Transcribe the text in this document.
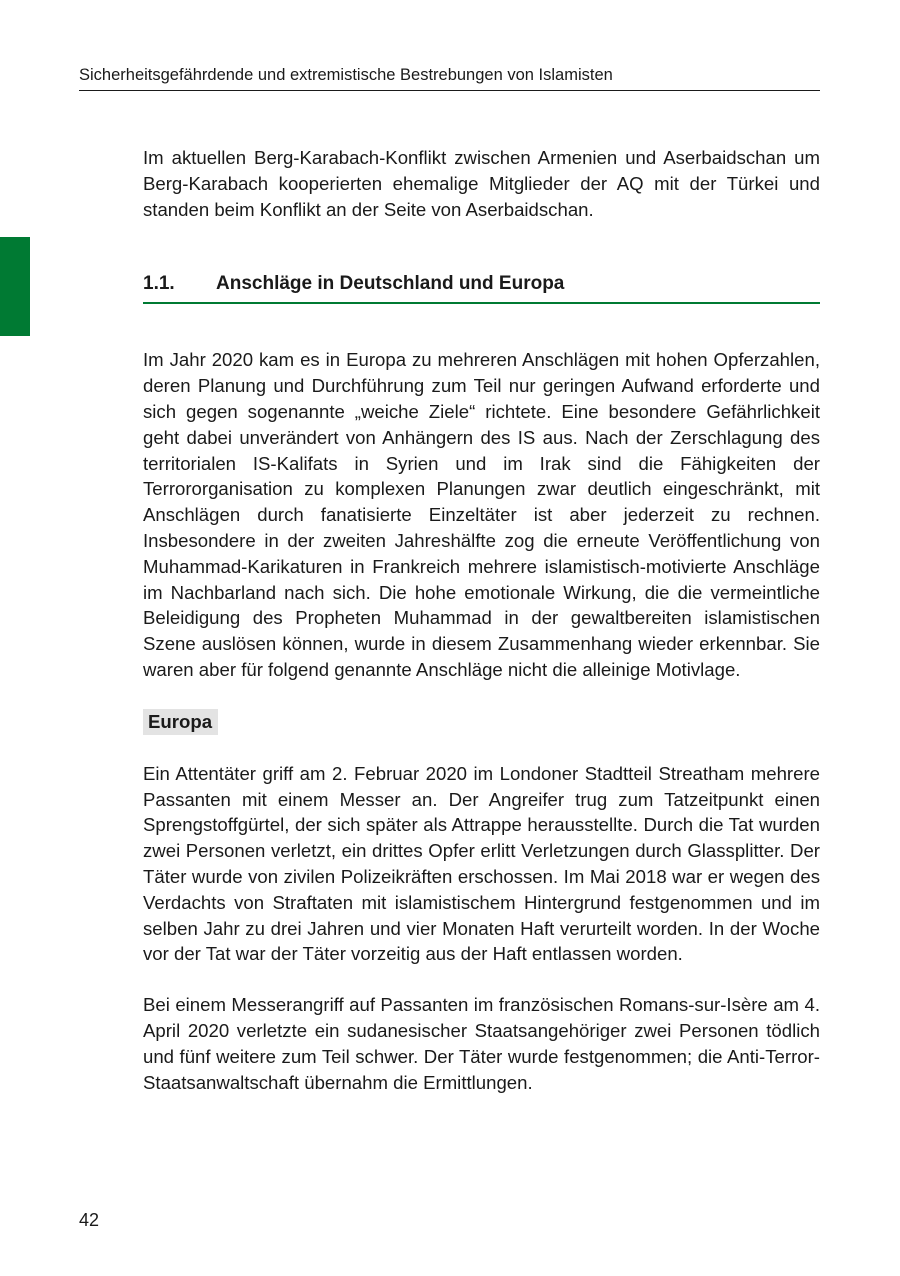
Sicherheitsgefährdende und extremistische Bestrebungen von Islamisten

Im aktuellen Berg-Karabach-Konflikt zwischen Armenien und Aserbaidschan um Berg-Karabach kooperierten ehemalige Mitglieder der AQ mit der Türkei und standen beim Konflikt an der Seite von Aserbaidschan.

1.1.	Anschläge in Deutschland und Europa

Im Jahr 2020 kam es in Europa zu mehreren Anschlägen mit hohen Opferzahlen, deren Planung und Durchführung zum Teil nur geringen Aufwand erforderte und sich gegen sogenannte „weiche Ziele“ richtete. Eine besondere Gefährlichkeit geht dabei unverändert von Anhängern des IS aus. Nach der Zerschlagung des territorialen IS-Kalifats in Syrien und im Irak sind die Fähigkeiten der Terrororganisation zu komplexen Planungen zwar deutlich eingeschränkt, mit Anschlägen durch fanatisierte Einzeltäter ist aber jederzeit zu rechnen. Insbesondere in der zweiten Jahreshälfte zog die erneute Veröffentlichung von Muhammad-Karikaturen in Frankreich mehrere islamistisch-motivierte Anschläge im Nachbarland nach sich. Die hohe emotionale Wirkung, die die vermeintliche Beleidigung des Propheten Muhammad in der gewaltbereiten islamistischen Szene auslösen können, wurde in diesem Zusammenhang wieder erkennbar. Sie waren aber für folgend genannte Anschläge nicht die alleinige Motivlage.

Europa

Ein Attentäter griff am 2. Februar 2020 im Londoner Stadtteil Streatham mehrere Passanten mit einem Messer an. Der Angreifer trug zum Tatzeitpunkt einen Sprengstoffgürtel, der sich später als Attrappe herausstellte. Durch die Tat wurden zwei Personen verletzt, ein drittes Opfer erlitt Verletzungen durch Glassplitter. Der Täter wurde von zivilen Polizeikräften erschossen. Im Mai 2018 war er wegen des Verdachts von Straftaten mit islamistischem Hintergrund festgenommen und im selben Jahr zu drei Jahren und vier Monaten Haft verurteilt worden. In der Woche vor der Tat war der Täter vorzeitig aus der Haft entlassen worden.

Bei einem Messerangriff auf Passanten im französischen Romans-sur-Isère am 4. April 2020 verletzte ein sudanesischer Staatsangehöriger zwei Personen tödlich und fünf weitere zum Teil schwer. Der Täter wurde festgenommen; die Anti-Terror-Staatsanwaltschaft übernahm die Ermittlungen.

42
